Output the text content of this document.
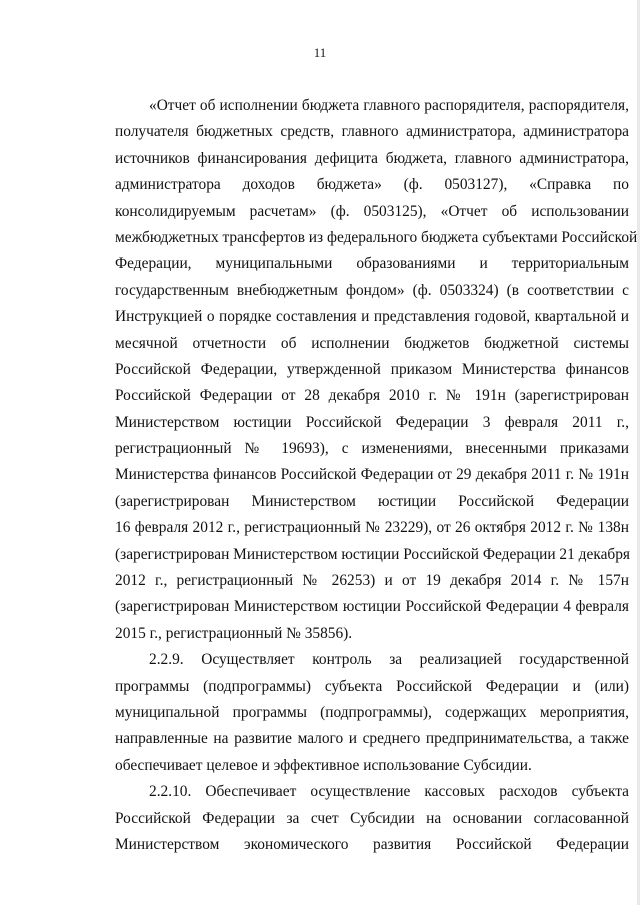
11
«Отчет об исполнении бюджета главного распорядителя, распорядителя,
получателя бюджетных средств, главного администратора, администратора
источников финансирования дефицита бюджета, главного администратора,
администратора доходов бюджета» (ф. 0503127), «Справка по
консолидируемым расчетам» (ф. 0503125), «Отчет об использовании
межбюджетных трансфертов из федерального бюджета субъектами Российской
Федерации, муниципальными образованиями и территориальным
государственным внебюджетным фондом» (ф. 0503324) (в соответствии с
Инструкцией о порядке составления и представления годовой, квартальной и
месячной отчетности об исполнении бюджетов бюджетной системы
Российской Федерации, утвержденной приказом Министерства финансов
Российской Федерации от 28 декабря 2010 г. № 191н (зарегистрирован
Министерством юстиции Российской Федерации 3 февраля 2011 г.,
регистрационный № 19693), с изменениями, внесенными приказами
Министерства финансов Российской Федерации от 29 декабря 2011 г. № 191н
(зарегистрирован Министерством юстиции Российской Федерации
16 февраля 2012 г., регистрационный № 23229), от 26 октября 2012 г. № 138н
(зарегистрирован Министерством юстиции Российской Федерации 21 декабря
2012 г., регистрационный № 26253) и от 19 декабря 2014 г. № 157н
(зарегистрирован Министерством юстиции Российской Федерации 4 февраля
2015 г., регистрационный № 35856).
2.2.9. Осуществляет контроль за реализацией государственной
программы (подпрограммы) субъекта Российской Федерации и (или)
муниципальной программы (подпрограммы), содержащих мероприятия,
направленные на развитие малого и среднего предпринимательства, а также
обеспечивает целевое и эффективное использование Субсидии.
2.2.10. Обеспечивает осуществление кассовых расходов субъекта
Российской Федерации за счет Субсидии на основании согласованной
Министерством экономического развития Российской Федерации
